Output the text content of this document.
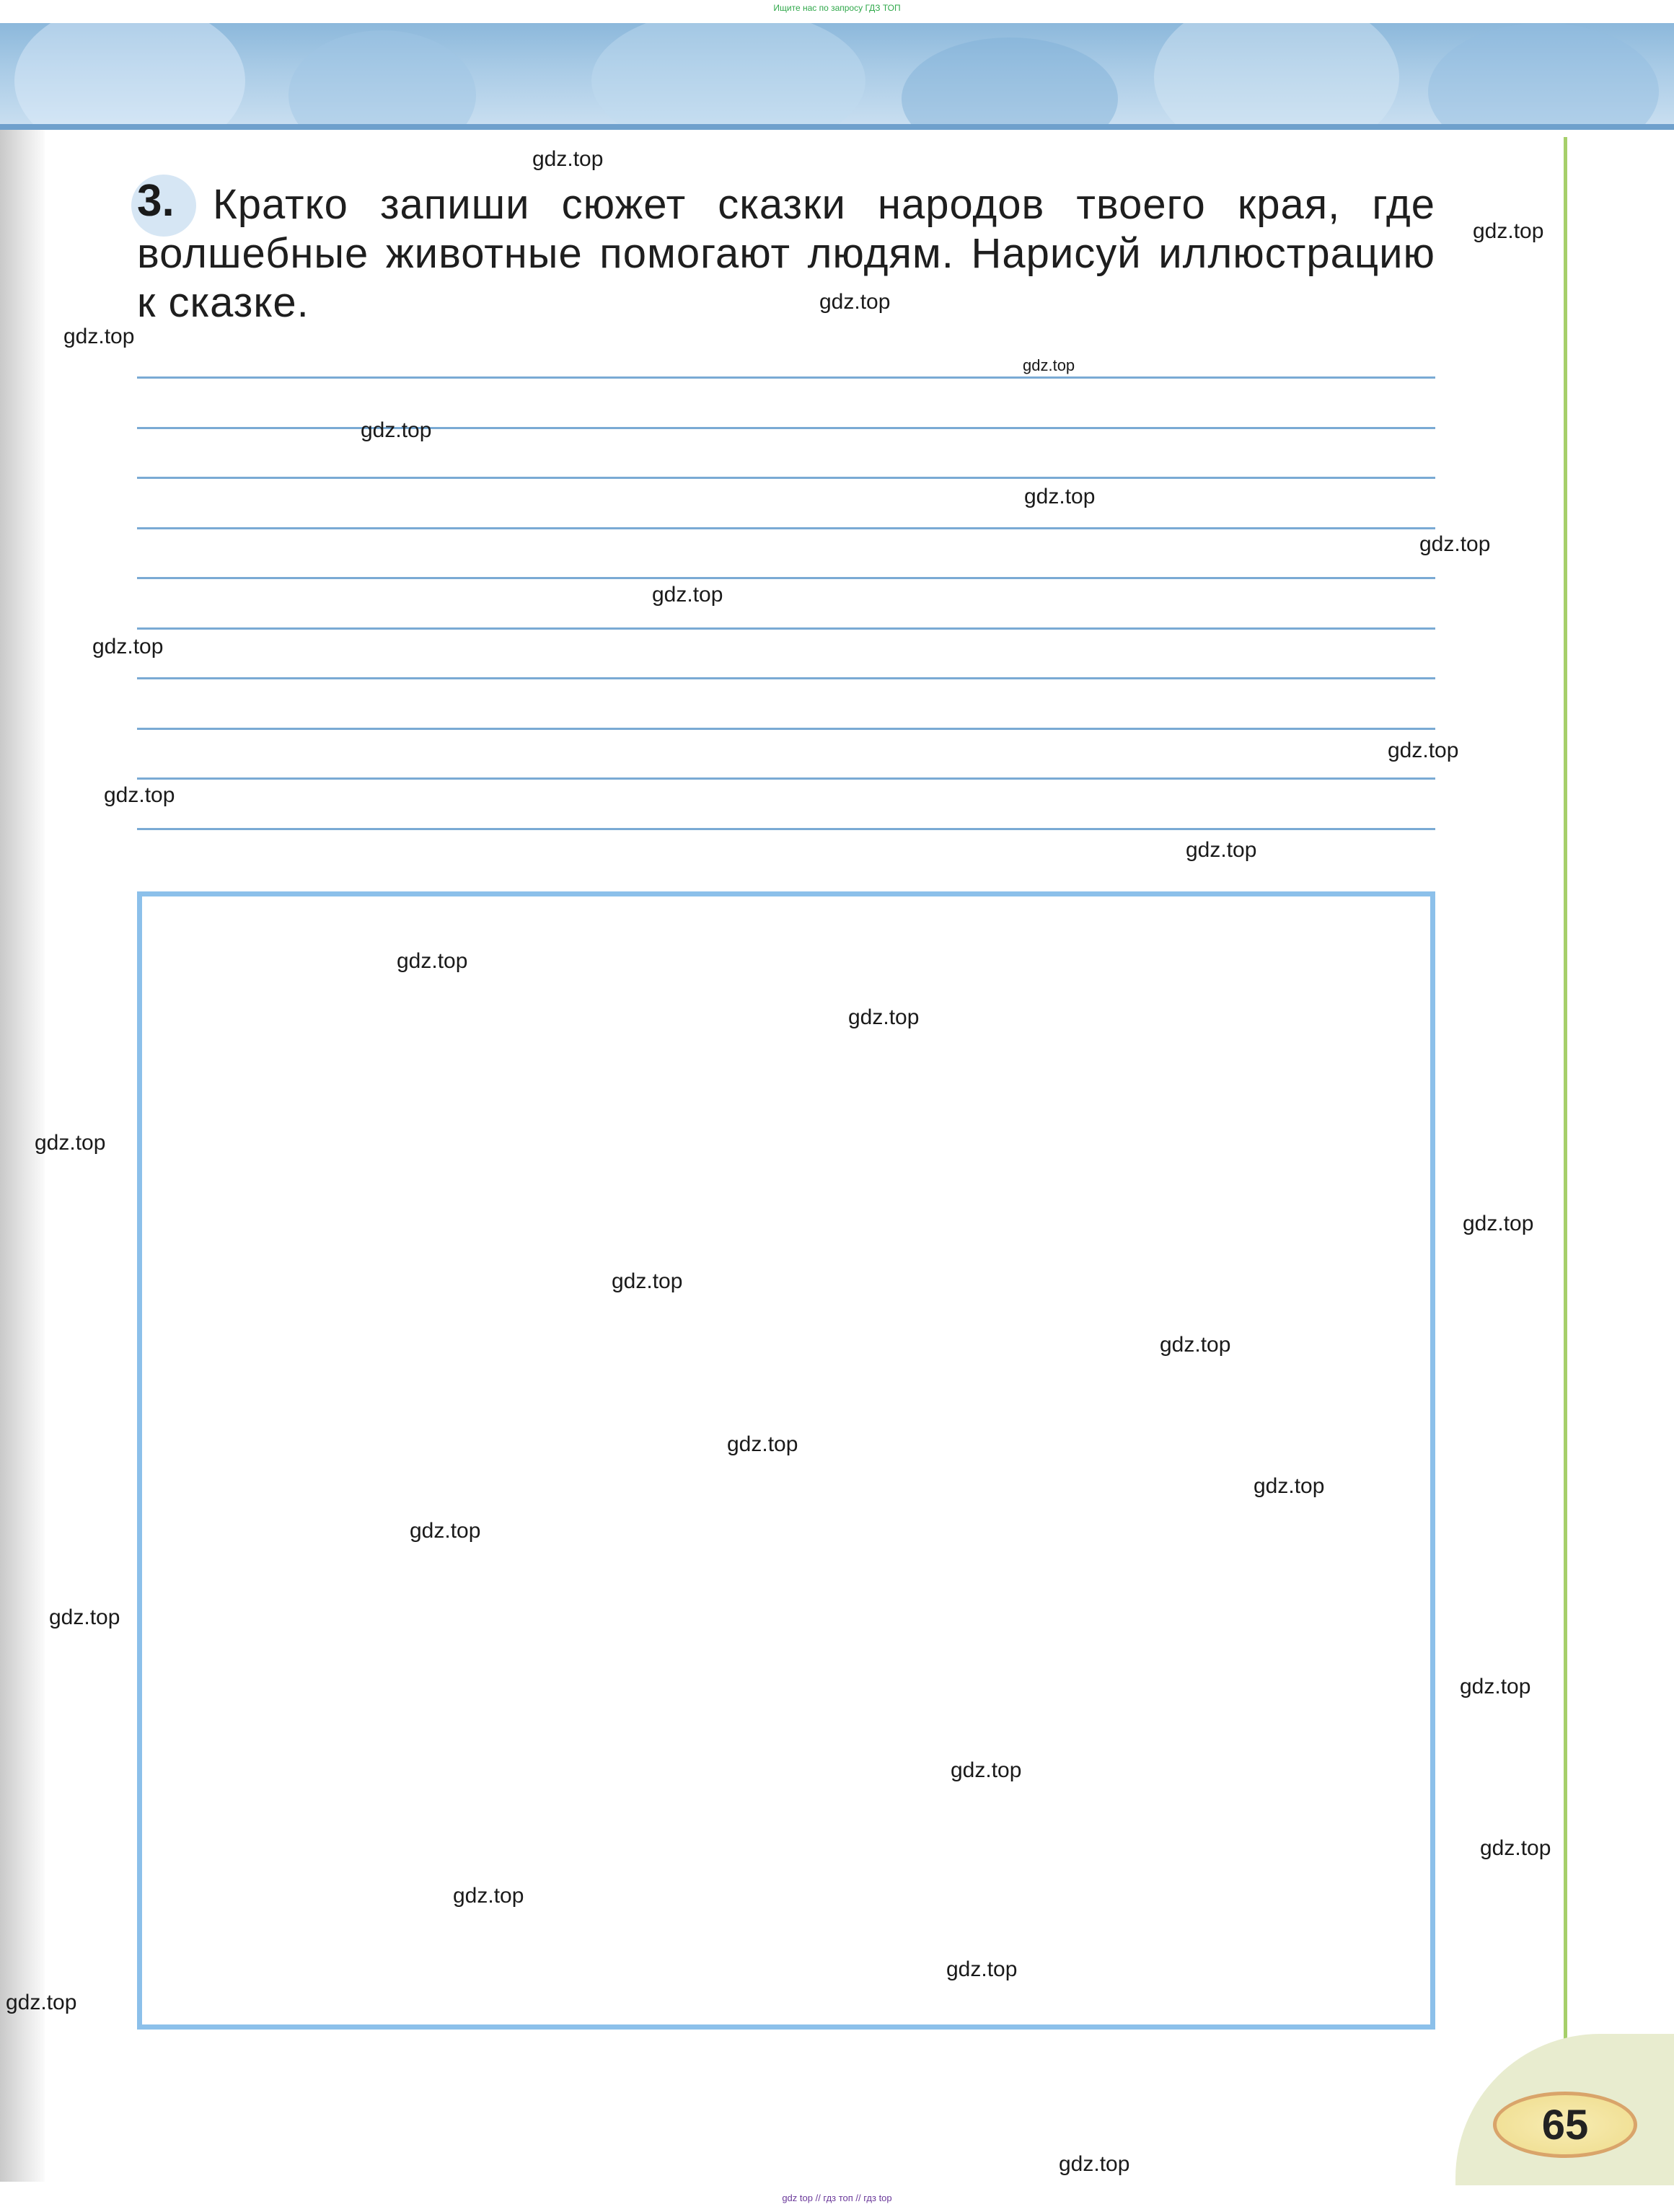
Ищите нас по запросу ГДЗ ТОП
3. Кратко запиши сюжет сказки народов твоего края, где волшебные животные помогают людям. Нарисуй иллюстрацию к сказке.
65
gdz.top
gdz.top
gdz.top
gdz.top
gdz.top
gdz.top
gdz.top
gdz.top
gdz.top
gdz.top
gdz.top
gdz.top
gdz.top
gdz.top
gdz.top
gdz.top
gdz.top
gdz.top
gdz.top
gdz.top
gdz.top
gdz.top
gdz.top
gdz.top
gdz.top
gdz.top
gdz.top
gdz.top
gdz.top
gdz.top
gdz top // гдз топ // гдз top
